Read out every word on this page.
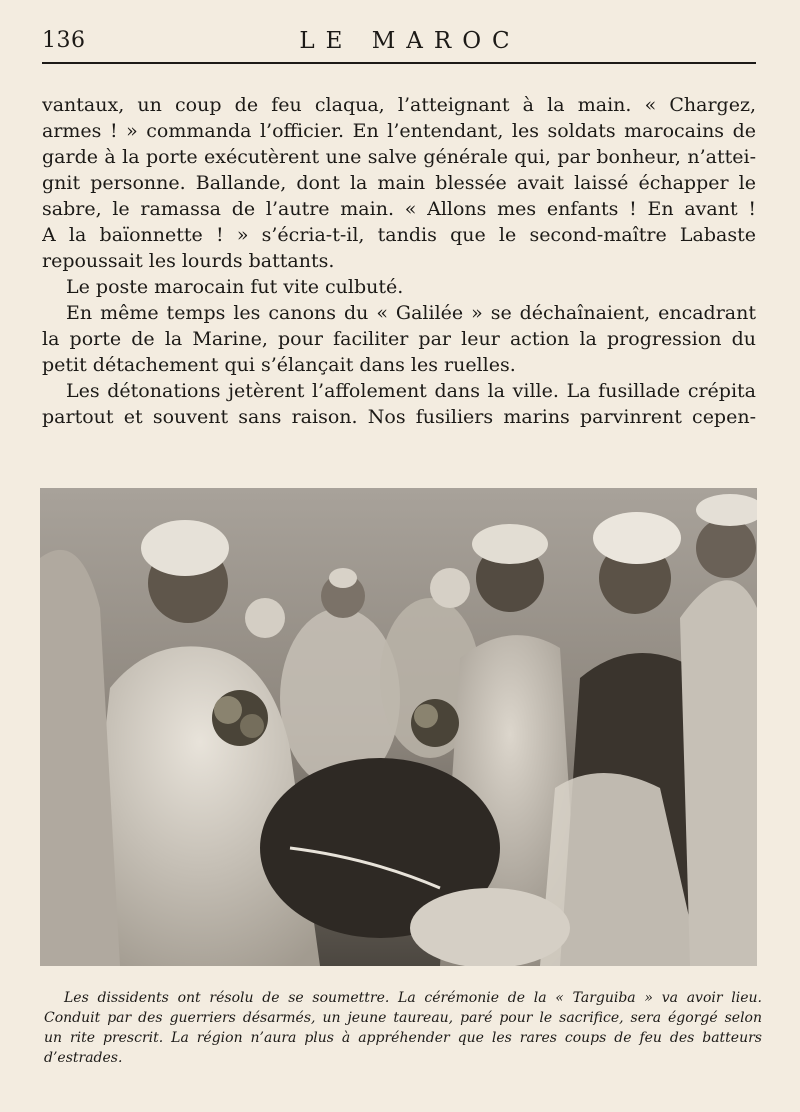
136	LE MAROC
vantaux, un coup de feu claqua, l’atteignant à la main. « Chargez,
armes ! » commanda l’officier. En l’entendant, les soldats marocains de
garde à la porte exécutèrent une salve générale qui, par bonheur, n’attei-
gnit personne. Ballande, dont la main blessée avait laissé échapper le
sabre, le ramassa de l’autre main. « Allons mes enfants ! En avant !
A la baïonnette ! » s’écria-t-il, tandis que le second-maître Labaste
repoussait les lourds battants.
Le poste marocain fut vite culbuté.
En même temps les canons du « Galilée » se déchaînaient, encadrant
la porte de la Marine, pour faciliter par leur action la progression du
petit détachement qui s’élançait dans les ruelles.
Les détonations jetèrent l’affolement dans la ville. La fusillade crépita
partout et souvent sans raison. Nos fusiliers marins parvinrent cepen-
Les dissidents ont résolu de se soumettre. La cérémonie de la « Targuiba » va avoir lieu.
Conduit par des guerriers désarmés, un jeune taureau, paré pour le sacrifice, sera égorgé selon
un rite prescrit. La région n’aura plus à appréhender que les rares coups de feu des batteurs
d’estrades.
